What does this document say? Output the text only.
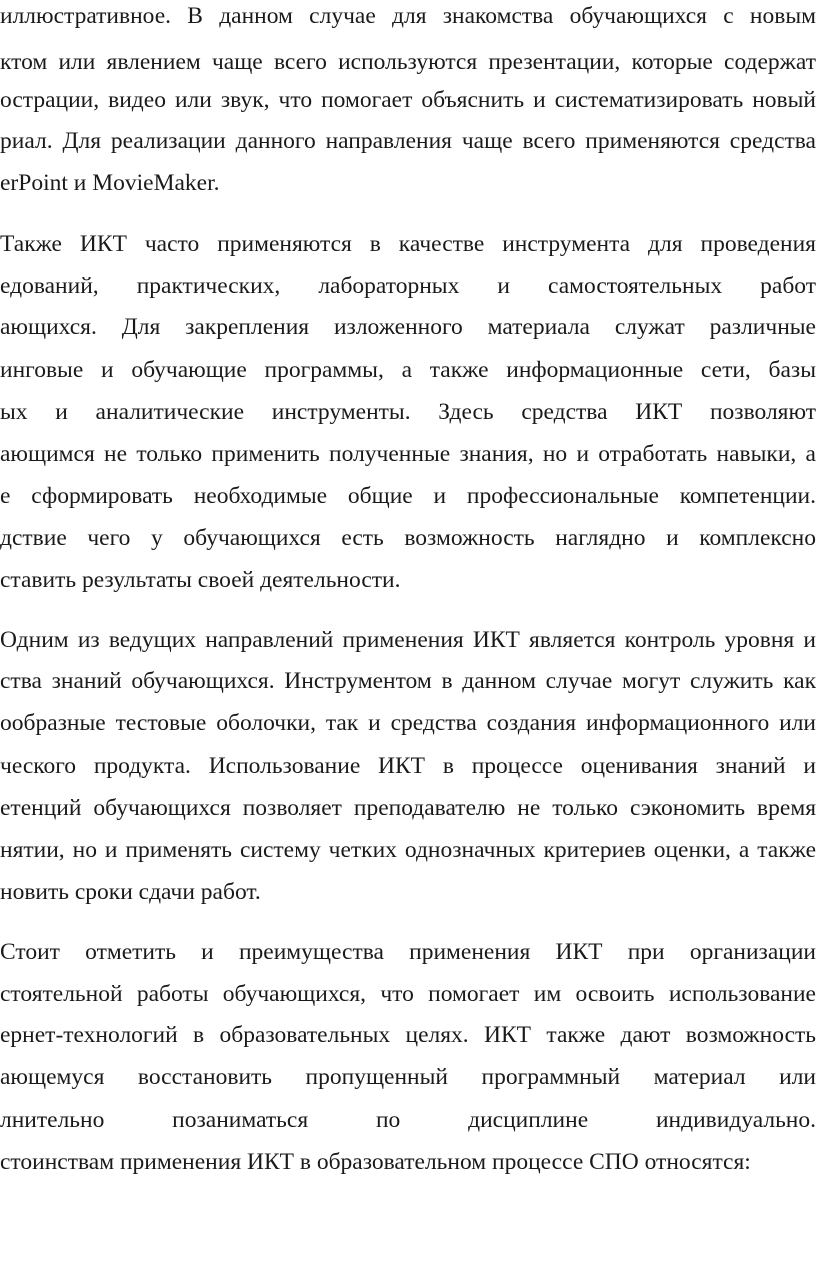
иллюстративное. В данном случае для знакомства обучающихся с новым
ктом или явлением чаще всего используются презентации, которые содержат
острации, видео или звук, что помогает объяснить и систематизировать новый
риал. Для реализации данного направления чаще всего применяются средства
erPoint и MovieMaker.
Также ИКТ часто применяются в качестве инструмента для проведения
едований, практических, лабораторных и самостоятельных работ
ающихся. Для закрепления изложенного материала служат различные
инговые и обучающие программы, а также информационные сети, базы
ых и аналитические инструменты. Здесь средства ИКТ позволяют
ающимся не только применить полученные знания, но и отработать навыки, а
е сформировать необходимые общие и профессиональные компетенции.
дствие чего у обучающихся есть возможность наглядно и комплексно
ставить результаты своей деятельности.
Одним из ведущих направлений применения ИКТ является контроль уровня и
ства знаний обучающихся. Инструментом в данном случае могут служить как
ообразные тестовые оболочки, так и средства создания информационного или
ческого продукта. Использование ИКТ в процессе оценивания знаний и
етенций обучающихся позволяет преподавателю не только сэкономить время
нятии, но и применять систему четких однозначных критериев оценки, а также
новить сроки сдачи работ.
Стоит отметить и преимущества применения ИКТ при организации
стоятельной работы обучающихся, что помогает им освоить использование
ернет-технологий в образовательных целях. ИКТ также дают возможность
ающемуся восстановить пропущенный программный материал или
лнительно позаниматься по дисциплине индивидуально.
стоинствам применения ИКТ в образовательном процессе СПО относятся:
